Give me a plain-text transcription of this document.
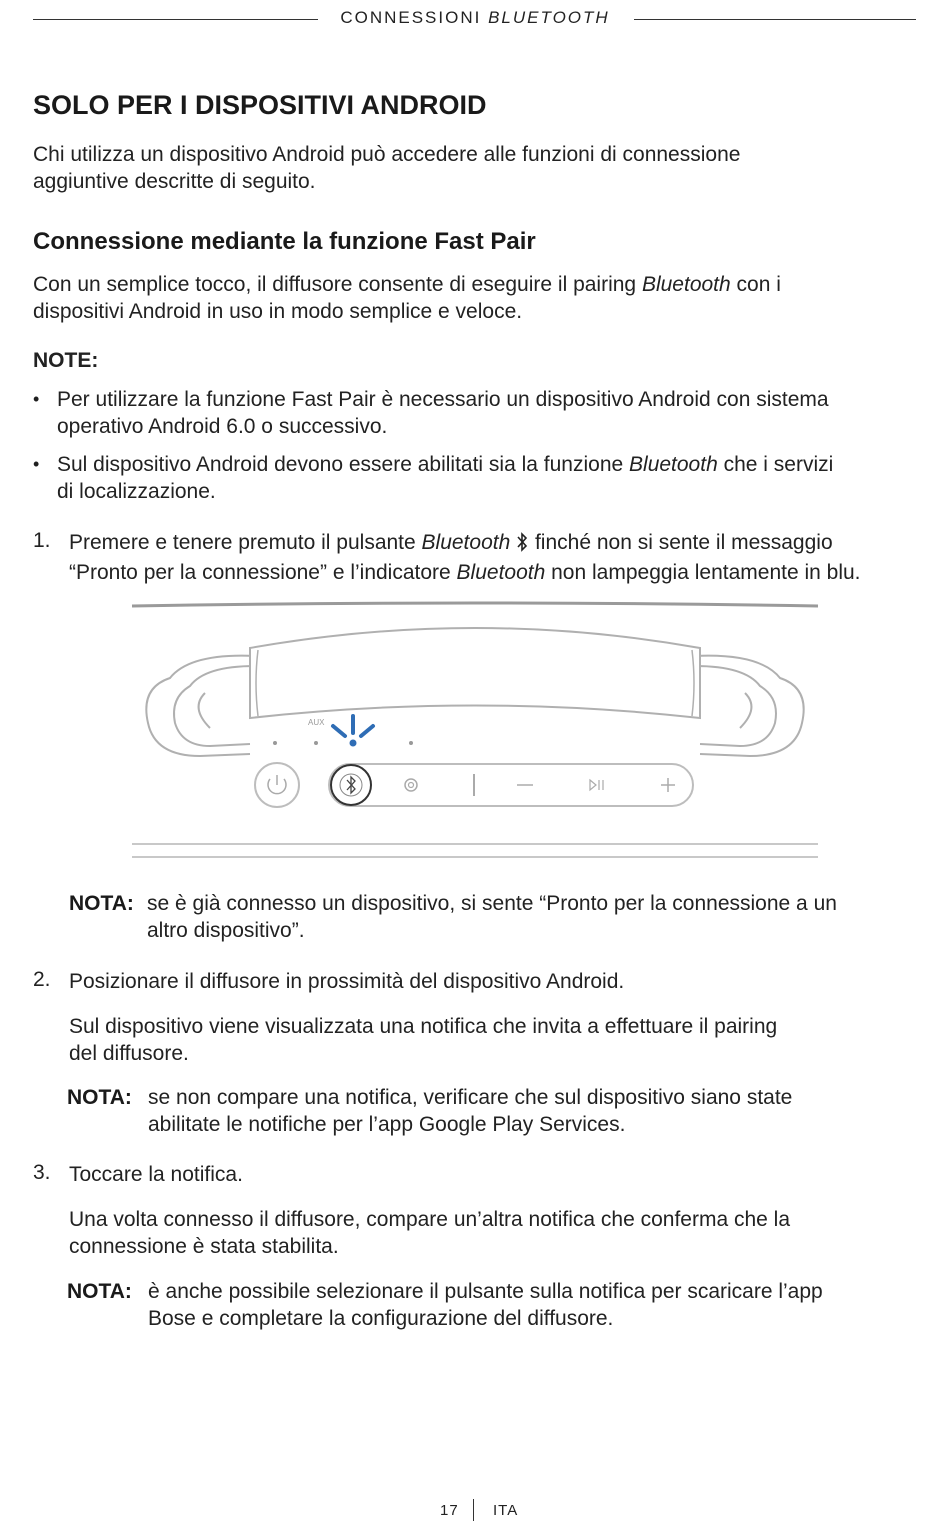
CONNESSIONI BLUETOOTH
SOLO PER I DISPOSITIVI ANDROID
Chi utilizza un dispositivo Android può accedere alle funzioni di connessione
aggiuntive descritte di seguito.
Connessione mediante la funzione Fast Pair
Con un semplice tocco, il diffusore consente di eseguire il pairing Bluetooth con i
dispositivi Android in uso in modo semplice e veloce.
NOTE:
• Per utilizzare la funzione Fast Pair è necessario un dispositivo Android con sistema
operativo Android 6.0 o successivo.
• Sul dispositivo Android devono essere abilitati sia la funzione Bluetooth che i servizi
di localizzazione.
1. Premere e tenere premuto il pulsante Bluetooth  finché non si sente il messaggio
“Pronto per la connessione” e l’indicatore Bluetooth non lampeggia lentamente in blu.
AUX
NOTA: se è già connesso un dispositivo, si sente “Pronto per la connessione a un
altro dispositivo”.
2. Posizionare il diffusore in prossimità del dispositivo Android.
Sul dispositivo viene visualizzata una notifica che invita a effettuare il pairing
del diffusore.
NOTA: se non compare una notifica, verificare che sul dispositivo siano state
abilitate le notifiche per l’app Google Play Services.
3. Toccare la notifica.
Una volta connesso il diffusore, compare un’altra notifica che conferma che la
connessione è stata stabilita.
NOTA: è anche possibile selezionare il pulsante sulla notifica per scaricare l’app
Bose e completare la configurazione del diffusore.
17 ITA
